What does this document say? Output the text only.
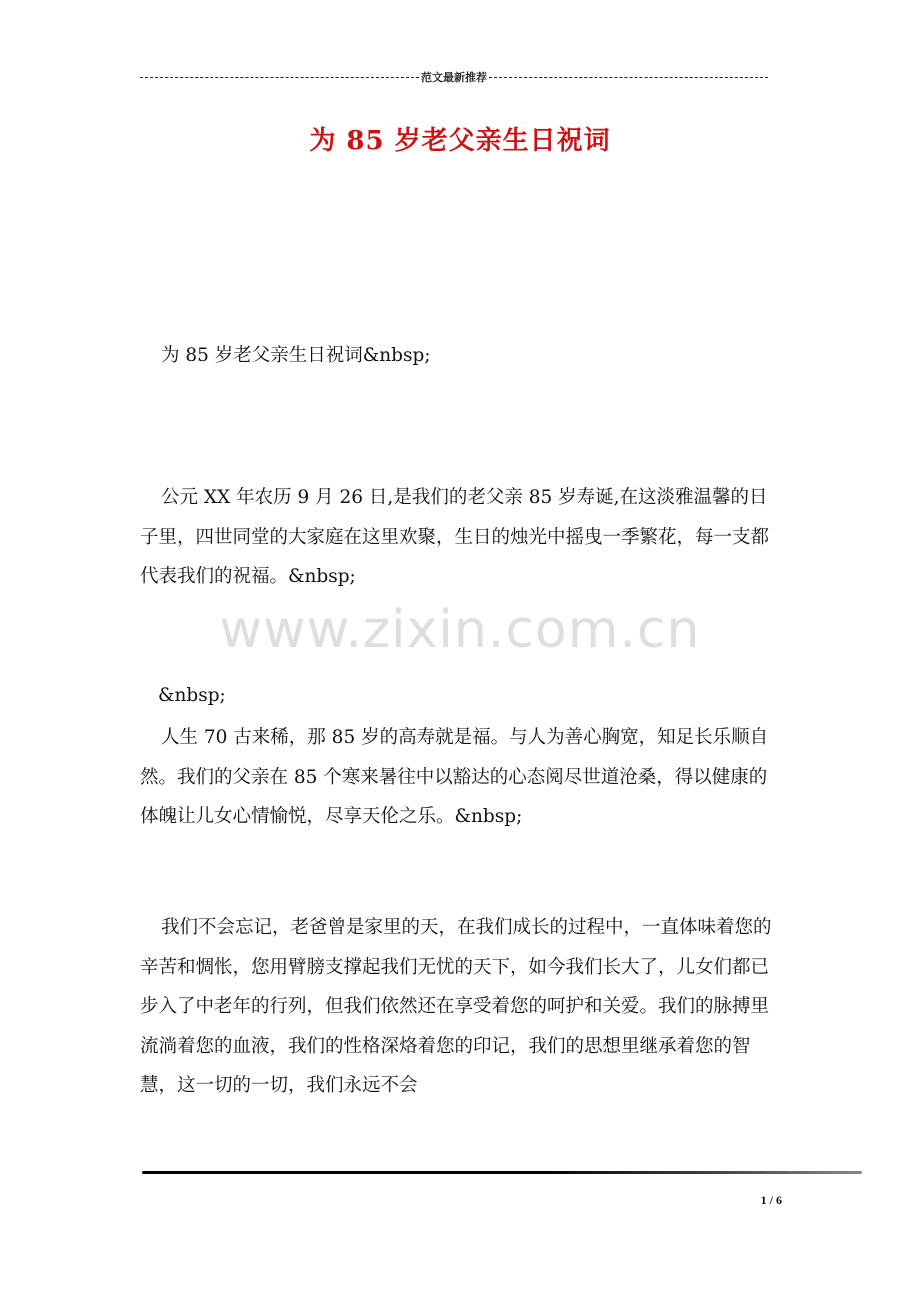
范文最新推荐
为 85 岁老父亲生日祝词

为 85 岁老父亲生日祝词&nbsp;

公元 XX 年农历 9 月 26 日,是我们的老父亲 85 岁寿诞,在这淡雅温馨的日子里，四世同堂的大家庭在这里欢聚，生日的烛光中摇曳一季繁花，每一支都代表我们的祝福。&nbsp;

www.zixin.com.cn

&nbsp;

人生 70 古来稀，那 85 岁的高寿就是福。与人为善心胸宽，知足长乐顺自然。我们的父亲在 85 个寒来暑往中以豁达的心态阅尽世道沧桑，得以健康的体魄让儿女心情愉悦，尽享天伦之乐。&nbsp;

我们不会忘记，老爸曾是家里的天，在我们成长的过程中，一直体味着您的辛苦和惆怅，您用臂膀支撑起我们无忧的天下，如今我们长大了，儿女们都已步入了中老年的行列，但我们依然还在享受着您的呵护和关爱。我们的脉搏里流淌着您的血液，我们的性格深烙着您的印记，我们的思想里继承着您的智慧，这一切的一切，我们永远不会

1 / 6
